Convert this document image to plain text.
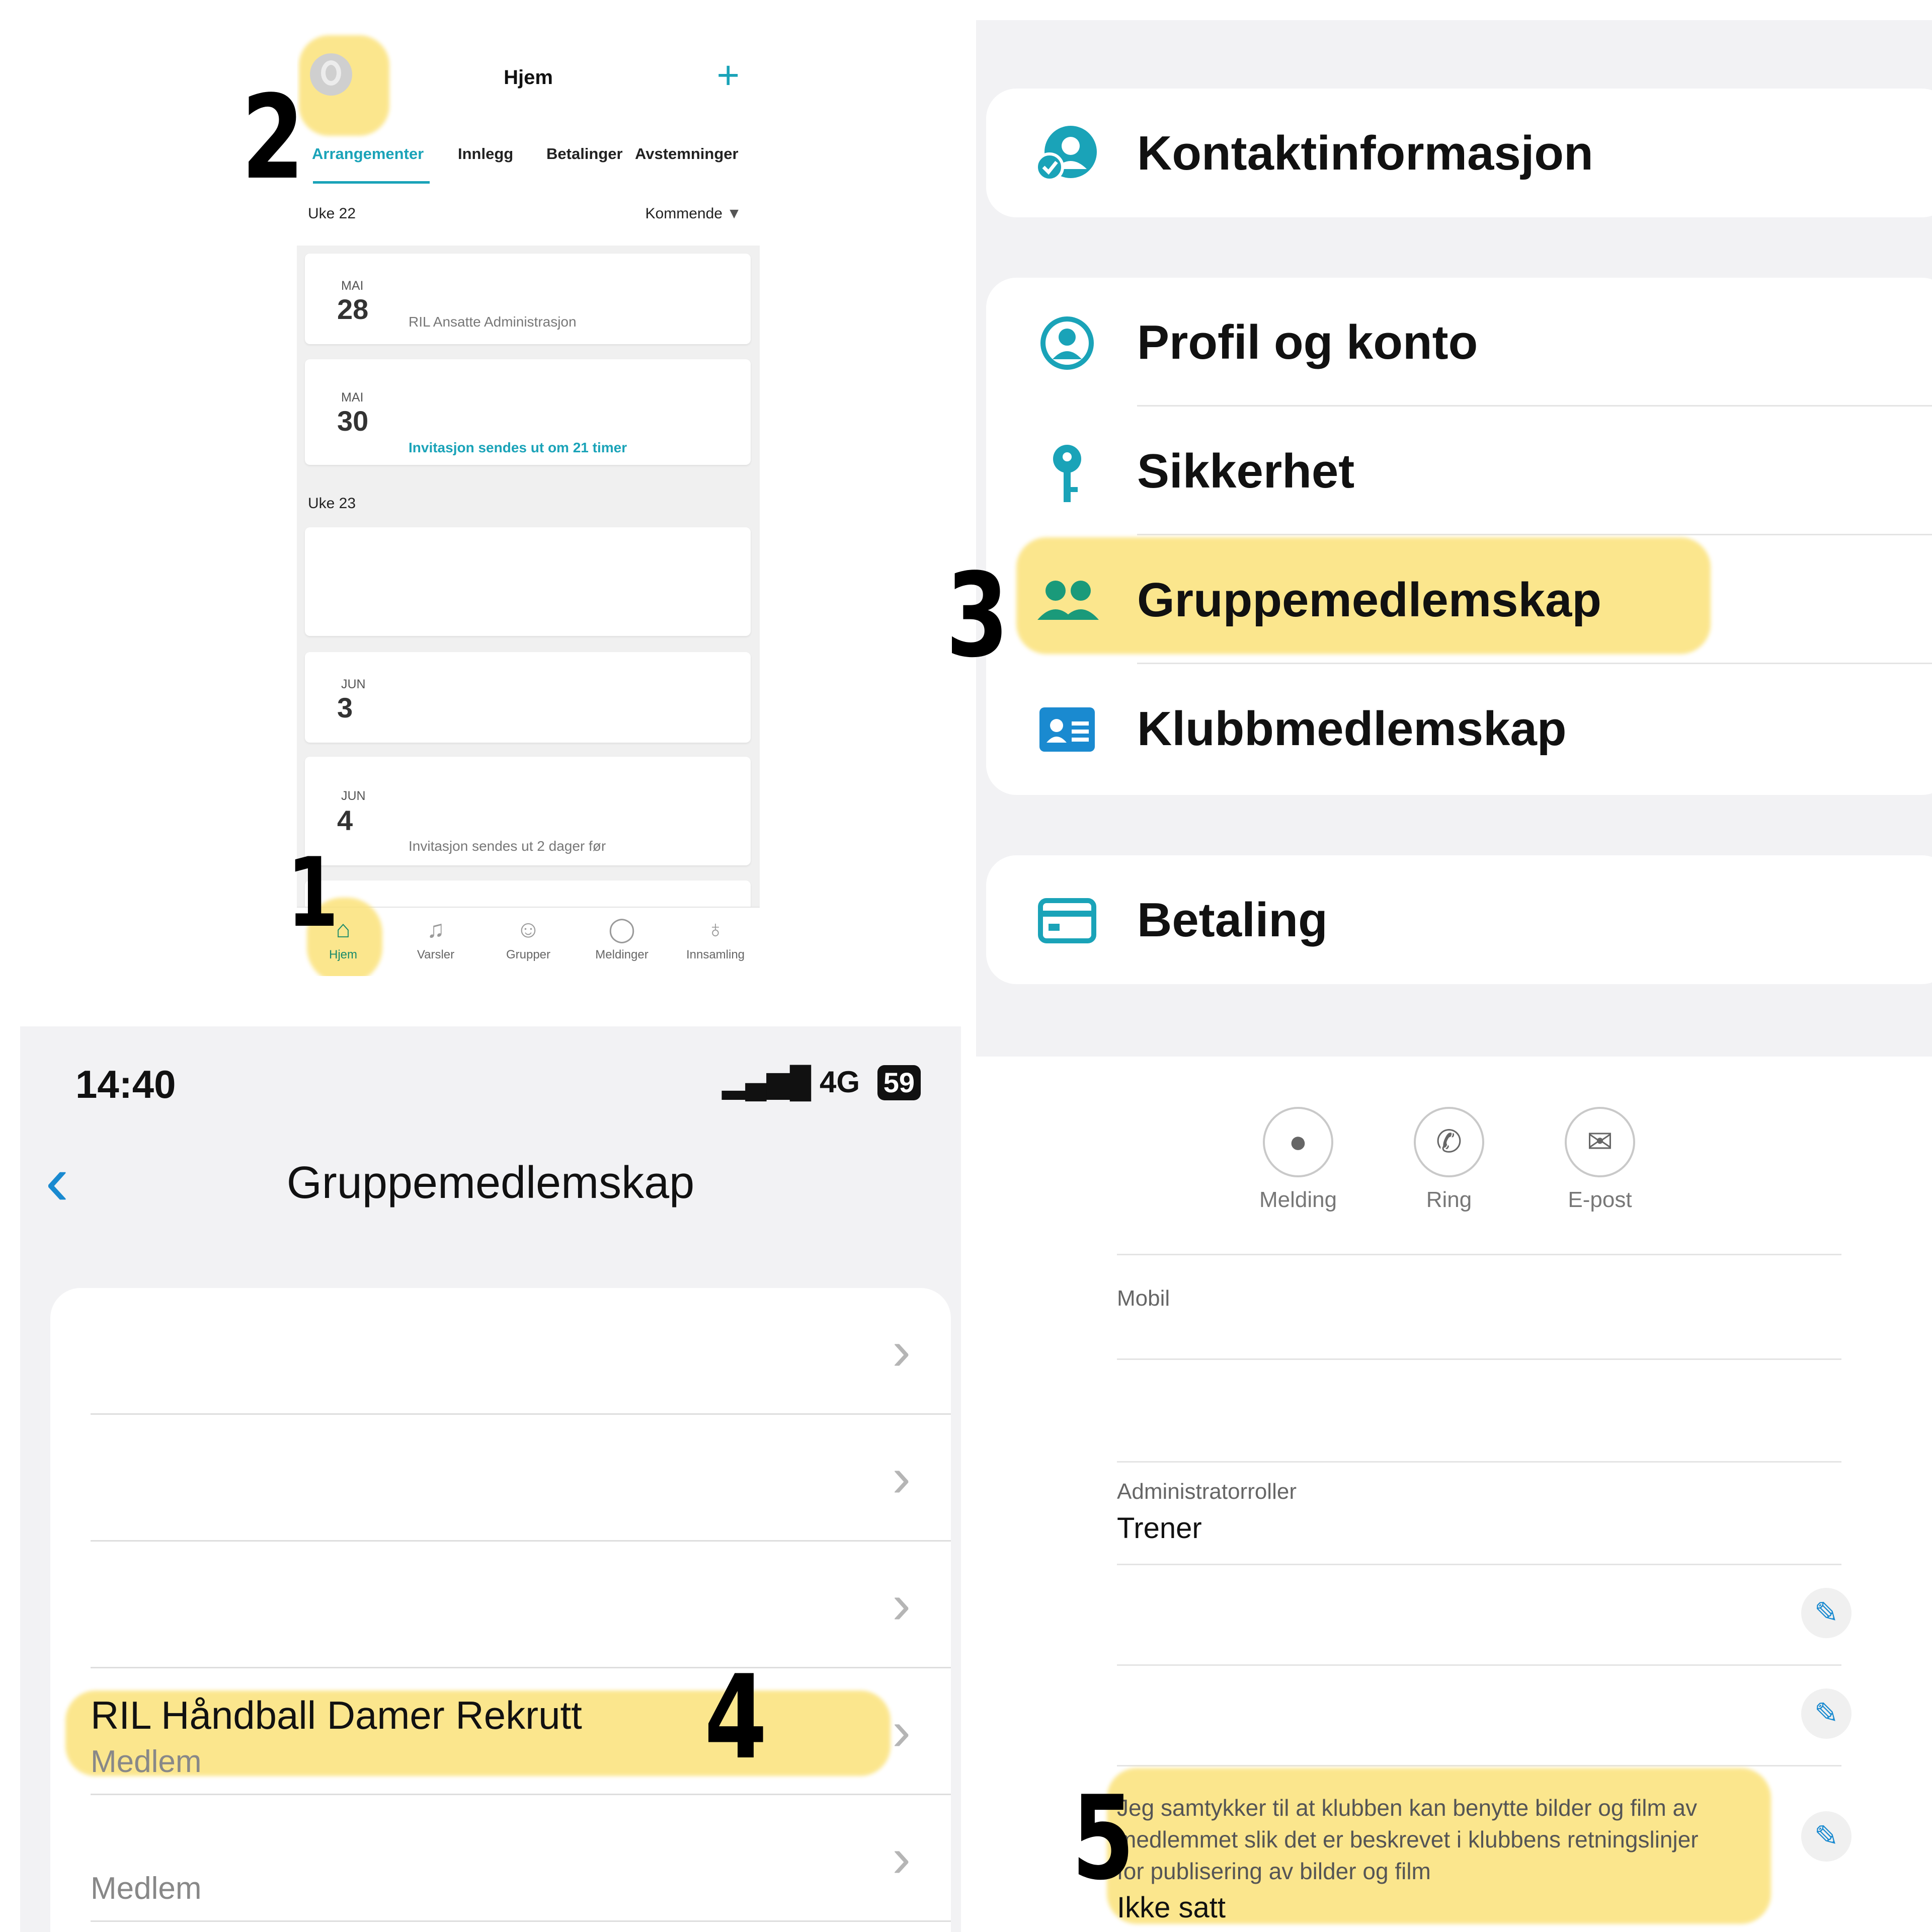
Hjem	+
Arrangementer Innlegg Betalinger Avstemninger
Uke 22	Kommende ▼
MAI
28	RIL Ansatte Administrasjon
MAI
30
Invitasjon sendes ut om 21 timer
Uke 23
JUN
3
JUN
4
Invitasjon sendes ut 2 dager før
⌂
Hjem
♫
Varsler
☺
Grupper
◯
Meldinger
♁
Innsamling
Kontaktinformasjon
Profil og konto
Sikkerhet
Gruppemedlemskap
Klubbmedlemskap
Betaling
14:40	▂▄▆█ 4G 59
‹	Gruppemedlemskap
›
›
›
RIL Håndball Damer Rekrutt
Medlem	›
Medlem	›
●
Melding
✆
Ring
✉
E-post
Mobil
Administratorroller
Trener
✎
✎
Jeg samtykker til at klubben kan benytte bilder og film av medlemmet slik det er beskrevet i klubbens retningslinjer for publisering av bilder og film
Ikke satt
✎
2
1
3
4
5
